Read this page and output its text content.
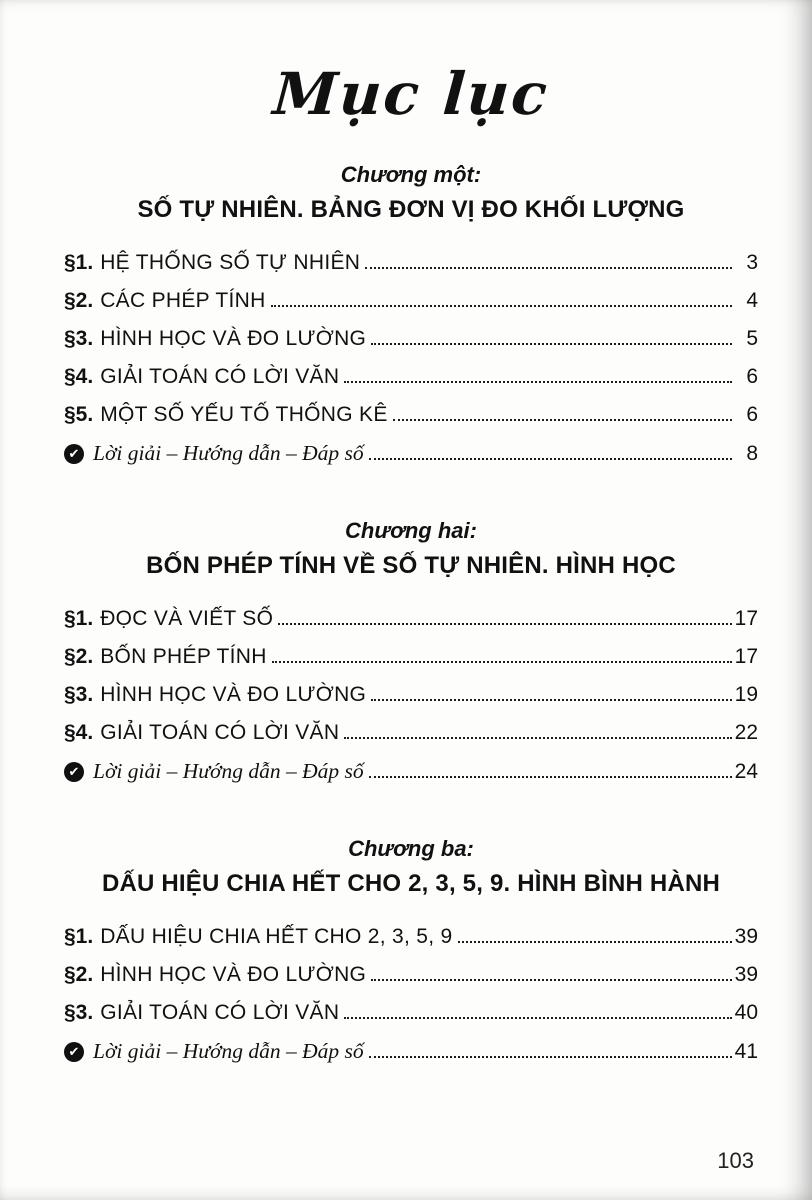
Mục lục
Chương một:
SỐ TỰ NHIÊN. BẢNG ĐƠN VỊ ĐO KHỐI LƯỢNG
§1. HỆ THỐNG SỐ TỰ NHIÊN	3
§2. CÁC PHÉP TÍNH	4
§3. HÌNH HỌC VÀ ĐO LƯỜNG	5
§4. GIẢI TOÁN CÓ LỜI VĂN	6
§5. MỘT SỐ YẾU TỐ THỐNG KÊ	6
✔ Lời giải – Hướng dẫn – Đáp số	8
Chương hai:
BỐN PHÉP TÍNH VỀ SỐ TỰ NHIÊN. HÌNH HỌC
§1. ĐỌC VÀ VIẾT SỐ	17
§2. BỐN PHÉP TÍNH	17
§3. HÌNH HỌC VÀ ĐO LƯỜNG	19
§4. GIẢI TOÁN CÓ LỜI VĂN	22
✔ Lời giải – Hướng dẫn – Đáp số	24
Chương ba:
DẤU HIỆU CHIA HẾT CHO 2, 3, 5, 9. HÌNH BÌNH HÀNH
§1. DẤU HIỆU CHIA HẾT CHO 2, 3, 5, 9	39
§2. HÌNH HỌC VÀ ĐO LƯỜNG	39
§3. GIẢI TOÁN CÓ LỜI VĂN	40
✔ Lời giải – Hướng dẫn – Đáp số	41
103
